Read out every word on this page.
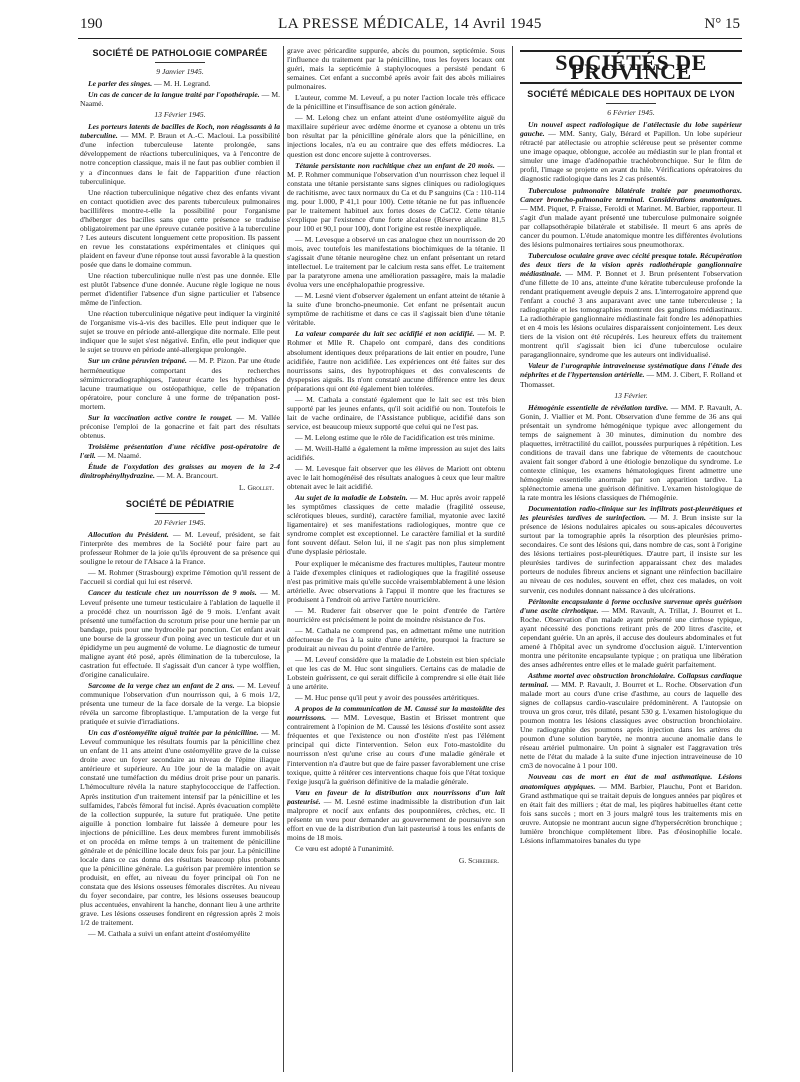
190	LA PRESSE MÉDICALE, 14 Avril 1945	N° 15
SOCIÉTÉ DE PATHOLOGIE COMPARÉE
9 Janvier 1945.

Le parler des singes. — M. H. Legrand.

Un cas de cancer de la langue traité par l'opothérapie. — M. Naamé.

13 Février 1945.

Les porteurs latents de bacilles de Koch, non réagissants à la tuberculine. — MM. P. Braun et A.-C. Macloui. La possibilité d'une infection tuberculeuse latente prolongée, sans développement de réactions tuberculiniques, va à l'encontre de notre conception classique, mais il ne faut pas oublier combien il y a d'inconnues dans le fait de l'apparition d'une réaction tuberculinique.

Une réaction tuberculinique négative chez des enfants vivant en contact quotidien avec des parents tuberculeux pulmonaires bacillifères montre-t-elle la possibilité pour l'organisme d'héberger des bacilles sans que cette présence se traduise obligatoirement par une épreuve cutanée positive à la tuberculine ? Les auteurs discutent longuement cette proposition. Ils passent en revue les constatations expérimentales et cliniques qui plaident en faveur d'une réponse tout aussi favorable à la question posée que dans le domaine commun.

Une réaction tuberculinique nulle n'est pas une donnée. Elle est plutôt l'absence d'une donnée. Aucune règle logique ne nous permet d'identifier l'absence d'un signe particulier et l'absence même de l'infection.

Une réaction tuberculinique négative peut indiquer la virginité de l'organisme vis-à-vis des bacilles. Elle peut indiquer que le sujet se trouve en période anté-allergique dite normale. Elle peut indiquer que le sujet s'est négativé. Enfin, elle peut indiquer que le sujet se trouve en période anté-allergique prolongée.

Sur un crâne péruvien trépané. — M. P. Pizon. Par une étude herméneutique comportant des recherches sémimicroradiographiques, l'auteur écarte les hypothèses de lacune traumatique ou ostéopathique, celle de trépanation opératoire, pour conclure à une forme de trépanation post-mortem.

Sur la vaccination active contre le rouget. — M. Vallée préconise l'emploi de la gonacrine et fait part des résultats obtenus.

Troisième présentation d'une récidive post-opératoire de l'œil. — M. Naamé.

Étude de l'oxydation des graisses au moyen de la 2-4 dinitrophénylhydrazine. — M. A. Brancourt.

L. Grollet.
SOCIÉTÉ DE PÉDIATRIE
20 Février 1945.

Allocution du Président. — M. Leveuf, président, se fait l'interprète des membres de la Société pour faire part au professeur Rohmer de la joie qu'ils éprouvent de sa présence qui souligne le retour de l'Alsace à la France.

— M. Rohmer (Strasbourg) exprime l'émotion qu'il ressent de l'accueil si cordial qui lui est réservé.

Cancer du testicule chez un nourrisson de 9 mois. — M. Leveuf présente une tumeur testiculaire à l'ablation de laquelle il a procédé chez un nourrisson âgé de 9 mois. L'enfant avait présenté une tuméfaction du scrotum prise pour une hernie par un bandage, puis pour une hydrocèle par ponction. Cet enfant avait une bourse de la grosseur d'un poing avec un testicule dur et un épididyme un peu augmenté de volume. Le diagnostic de tumeur maligne ayant été posé, après élimination de la tuberculose, la castration fut effectuée. Il s'agissait d'un cancer à type wolffien, d'origine canaliculaire.

Sarcome de la verge chez un enfant de 2 ans. — M. Leveuf communique l'observation d'un nourrisson qui, à 6 mois 1/2, présenta une tumeur de la face dorsale de la verge. La biopsie révéla un sarcome fibroplastique. L'amputation de la verge fut pratiquée et suivie d'irradiations.

Un cas d'ostéomyélite aiguë traitée par la pénicilline. — M. Leveuf communique les résultats fournis par la pénicilline chez un enfant de 11 ans atteint d'une ostéomyélite grave de la cuisse droite avec un foyer secondaire au niveau de l'épine iliaque antérieure et supérieure. Au 10e jour de la maladie on avait constaté une tuméfaction du médius droit prise pour un panaris. L'hémoculture révéla la nature staphylococcique de l'affection. Après institution d'un traitement intensif par la pénicilline et les sulfamides, l'abcès fémoral fut incisé. Après évacuation complète de la collection suppurée, la suture fut pratiquée. Une petite aiguille à ponction lombaire fut laissée à demeure pour les injections de pénicilline. Les deux membres furent immobilisés et on procéda en même temps à un traitement de pénicilline générale et de pénicilline locale deux fois par jour. La pénicilline locale dans ce cas donna des résultats beaucoup plus probants que la pénicilline générale. La guérison par première intention se produisit, en effet, au niveau du foyer principal où l'on ne constata que des lésions osseuses fémorales discrètes. Au niveau du foyer secondaire, par contre, les lésions osseuses beaucoup plus accentuées, envahirent la hanche, donnant lieu à une arthrite grave. Les lésions osseuses fondirent en régression après 2 mois 1/2 de traitement.

— M. Cathala a suivi un enfant atteint d'ostéomyélite

grave avec péricardite suppurée, abcès du poumon, septicémie. Sous l'influence du traitement par la pénicilline, tous les foyers locaux ont guéri, mais la septicémie à staphylocoques a persisté pendant 6 semaines. Cet enfant a succombé après avoir fait des abcès miliaires pulmonaires.

L'auteur, comme M. Leveuf, a pu noter l'action locale très efficace de la pénicilline et l'insuffisance de son action générale.

— M. Lelong chez un enfant atteint d'une ostéomyélite aiguë du maxillaire supérieur avec œdème énorme et cyanose a obtenu un très bon résultat par la pénicilline générale alors que la pénicilline, en injections locales, n'a eu au contraire que des effets médiocres. La question est donc encore sujette à controverses.

Tétanie persistante non rachitique chez un enfant de 20 mois. — M. P. Rohmer communique l'observation d'un nourrisson chez lequel il constata une tétanie persistante sans signes cliniques ou radiologiques de rachitisme, avec taux normaux du Ca et du P sanguins (Ca : 110-114 mg. pour 1.000, P 41,1 pour 100). Cette tétanie ne fut pas influencée par le traitement habituel aux fortes doses de CaCl2. Cette tétanie s'explique par l'existence d'une forte alcalose (Réserve alcaline 81,5 pour 100 et 90,1 pour 100), dont l'origine est restée inexpliquée.

— M. Levesque a observé un cas analogue chez un nourrisson de 20 mois, avec toutefois les manifestations biochimiques de la tétanie. Il s'agissait d'une tétanie neurogène chez un enfant présentant un retard intellectuel. Le traitement par le calcium resta sans effet. Le traitement par la paratyrone amena une amélioration passagère, mais la maladie évolua vers une encéphalopathie progressive.

— M. Lesné vient d'observer également un enfant atteint de tétanie à la suite d'une broncho-pneumonie. Cet enfant ne présentait aucun symptôme de rachitisme et dans ce cas il s'agissait bien d'une tétanie véritable.

La valeur comparée du lait sec acidifié et non acidifié. — M. P. Rohmer et Mlle R. Chapelo ont comparé, dans des conditions absolument identiques deux préparations de lait entier en poudre, l'une acidifiée, l'autre non acidifiée. Les expériences ont été faites sur des nourrissons sains, des hypotrophiques et des convalescents de dyspepsies aiguës. Ils n'ont constaté aucune différence entre les deux préparations qui ont été également bien tolérées.

— M. Cathala a constaté également que le lait sec est très bien supporté par les jeunes enfants, qu'il soit acidifié ou non. Toutefois le lait de vache ordinaire, de l'Assistance publique, acidifié dans son service, est beaucoup mieux supporté que celui qui ne l'est pas.

— M. Lelong estime que le rôle de l'acidification est très minime.

— M. Weill-Hallé a également la même impression au sujet des laits acidifiés.

— M. Levesque fait observer que les élèves de Mariott ont obtenu avec le lait homogénéisé des résultats analogues à ceux que leur maître obtenait avec le lait acidifié.

Au sujet de la maladie de Lobstein. — M. Huc après avoir rappelé les symptômes classiques de cette maladie (fragilité osseuse, sclérotiques bleues, surdité), caractère familial, myatonie avec laxité ligamentaire) et ses manifestations radiologiques, montre que ce syndrome complet est exceptionnel. Le caractère familial et la surdité font souvent défaut. Selon lui, il ne s'agit pas non plus simplement d'une dysplasie périostale.

Pour expliquer le mécanisme des fractures multiples, l'auteur montre à l'aide d'exemples cliniques et radiologiques que la fragilité osseuse n'est pas primitive mais qu'elle succède vraisemblablement à une lésion artérielle. Avec observations à l'appui il montre que les fractures se produisent à l'endroit où arrive l'artère nourricière.

— M. Ruderer fait observer que le point d'entrée de l'artère nourricière est précisément le point de moindre résistance de l'os.

— M. Cathala ne comprend pas, en admettant même une nutrition défectueuse de l'os à la suite d'une artérite, pourquoi la fracture se produirait au niveau du point d'entrée de l'artère.

— M. Leveuf considère que la maladie de Lobstein est bien spéciale et que les cas de M. Huc sont singuliers. Certains cas de maladie de Lobstein guérissent, ce qui serait difficile à comprendre si elle était liée à une artérite.

— M. Huc pense qu'il peut y avoir des poussées artéritiques.

A propos de la communication de M. Caussé sur la mastoïdite des nourrissons. — MM. Levesque, Bastin et Brisset montrent que contrairement à l'opinion de M. Caussé les lésions d'ostéite sont assez fréquentes et que l'existence ou non d'ostéite n'est pas l'élément principal qui dicte l'intervention. Selon eux l'oto-mastoïdite du nourrisson n'est qu'une crise au cours d'une maladie générale et l'intervention n'a d'autre but que de faire passer favorablement une crise toxique, quitte à réitérer ces interventions chaque fois que l'état toxique l'exige jusqu'à la guérison définitive de la maladie générale.

Vœu en faveur de la distribution aux nourrissons d'un lait pasteurisé. — M. Lesné estime inadmissible la distribution d'un lait malpropre et nocif aux enfants des pouponnières, crèches, etc. Il présente un vœu pour demander au gouvernement de poursuivre son effort en vue de la distribution d'un lait pasteurisé à tous les enfants de moins de 18 mois.

Ce vœu est adopté à l'unanimité.

G. Schreiber.
SOCIÉTÉS DE PROVINCE
SOCIÉTÉ MÉDICALE DES HOPITAUX DE LYON
6 Février 1945.

Un nouvel aspect radiologique de l'atélectasie du lobe supérieur gauche. — MM. Santy, Galy, Bérard et Papillon. Un lobe supérieur rétracté par atélectasie ou atrophie scléreuse peut se présenter comme une image opaque, oblongue, accolée au médiastin sur le plan frontal et simuler une image d'adénopathie trachéobronchique. Sur le film de profil, l'image se projette en avant du hile. Vérifications opératoires du diagnostic radiologique dans les 2 cas présentés.

Tuberculose pulmonaire bilatérale traitée par pneumothorax. Cancer broncho-pulmonaire terminal. Considérations anatomiques. — MM. Piquet, P. Fraisse, Feroldi et Marinet. M. Barbier, rapporteur. Il s'agit d'un malade ayant présenté une tuberculose pulmonaire soignée par collapsothérapie bilatérale et stabilisée. Il meurt 6 ans après de cancer du poumon. L'étude anatomique montre les différentes évolutions des lésions pulmonaires tertiaires sous pneumothorax.

Tuberculose oculaire grave avec cécité presque totale. Récupération des deux tiers de la vision après radiothérapie ganglionnaire médiastinale. — MM. P. Bonnet et J. Brun présentent l'observation d'une fillette de 10 ans, atteinte d'une kératite tuberculeuse profonde la rendant pratiquement aveugle depuis 2 ans. L'interrogatoire apprend que l'enfant a couché 3 ans auparavant avec une tante tuberculeuse ; la radiographie et les tomographies montrent des ganglions médiastinaux. La radiothérapie ganglionnaire médiastinale fait fondre les adénopathies et en 4 mois les lésions oculaires disparaissent conjointement. Les deux tiers de la vision ont été récupérés. Les heureux effets du traitement montrent qu'il s'agissait bien ici d'une tuberculose oculaire paraganglionnaire, syndrome que les auteurs ont individualisé.

Valeur de l'urographie intraveineuse systématique dans l'étude des néphrites et de l'hypertension artérielle. — MM. J. Cibert, F. Rolland et Thomasset.

13 Février.

Hémogénie essentielle de révélation tardive. — MM. P. Ravault, A. Gonin, J. Viallier et M. Pont. Observation d'une femme de 36 ans qui présentait un syndrome hémogénique typique avec allongement du temps de saignement à 30 minutes, diminution du nombre des plaquettes, irrétractilité du caillot, poussées purpuriques à répétition. Les conditions de travail dans une fabrique de vêtements de caoutchouc avaient fait songer d'abord à une étiologie benzolique du syndrome. Le contexte clinique, les examens hématologiques firent admettre une hémogénie essentielle anormale par son apparition tardive. La splénectomie amena une guérison définitive. L'examen histologique de la rate montra les lésions classiques de l'hémogénie.

Documentation radio-clinique sur les infiltrats post-pleurétiques et les pleurésies tardives de surinfection. — M. J. Brun insiste sur la présence de lésions nodulaires apicales ou sous-apicales découvertes surtout par la tomographie après la résorption des pleurésies primo-secondaires. Ce sont des lésions qui, dans nombre de cas, sont à l'origine des lésions tertiaires post-pleurétiques. D'autre part, il insiste sur les pleurésies tardives de surinfection apparaissant chez des malades porteurs de nodules fibreux anciens et signant une réinfection bacillaire au niveau de ces nodules, souvent en effet, chez ces malades, on voit survenir, ces nodules donnant naissance à des ulcérations.

Péritonite encapsulante à forme occlusive survenue après guérison d'une ascite cirrhotique. — MM. Ravault, A. Trillat, J. Bourret et L. Roche. Observation d'un malade ayant présenté une cirrhose typique, ayant nécessité des ponctions retirant près de 200 litres d'ascite, et cependant guérie. Un an après, il accuse des douleurs abdominales et fut amené à l'hôpital avec un syndrome d'occlusion aiguë. L'intervention montra une péritonite encapsulante typique ; on pratiqua une libération des anses adhérentes entre elles et le malade guérit parfaitement.

Asthme mortel avec obstruction bronchiolaire. Collapsus cardiaque terminal. — MM. P. Ravault, J. Bourret et L. Roche. Observation d'un malade mort au cours d'une crise d'asthme, au cours de laquelle des signes de collapsus cardio-vasculaire prédominèrent. A l'autopsie on trouva un gros cœur, très dilaté, pesant 530 g. L'examen histologique du poumon montra les lésions classiques avec obstruction bronchiolaire. Une radiographie des poumons après injection dans les artères du poumon d'une solution barytée, ne montra aucune anomalie dans le réseau artériel pulmonaire. Un point à signaler est l'aggravation très nette de l'état du malade à la suite d'une injection intraveineuse de 10 cm3 de novocaïne à 1 pour 100.

Nouveau cas de mort en état de mal asthmatique. Lésions anatomiques atypiques. — MM. Barbier, Plauchu, Pont et Baridon. Grand asthmatique qui se traitait depuis de longues années par piqûres et en était fait des milliers ; état de mal, les piqûres habituelles étant cette fois sans succès ; mort en 3 jours malgré tous les traitements mis en œuvre. Autopsie ne montrant aucun signe d'hypersécrétion bronchique ; lumière bronchique complètement libre. Pas d'éosinophilie locale. Lésions inflammatoires banales du type
